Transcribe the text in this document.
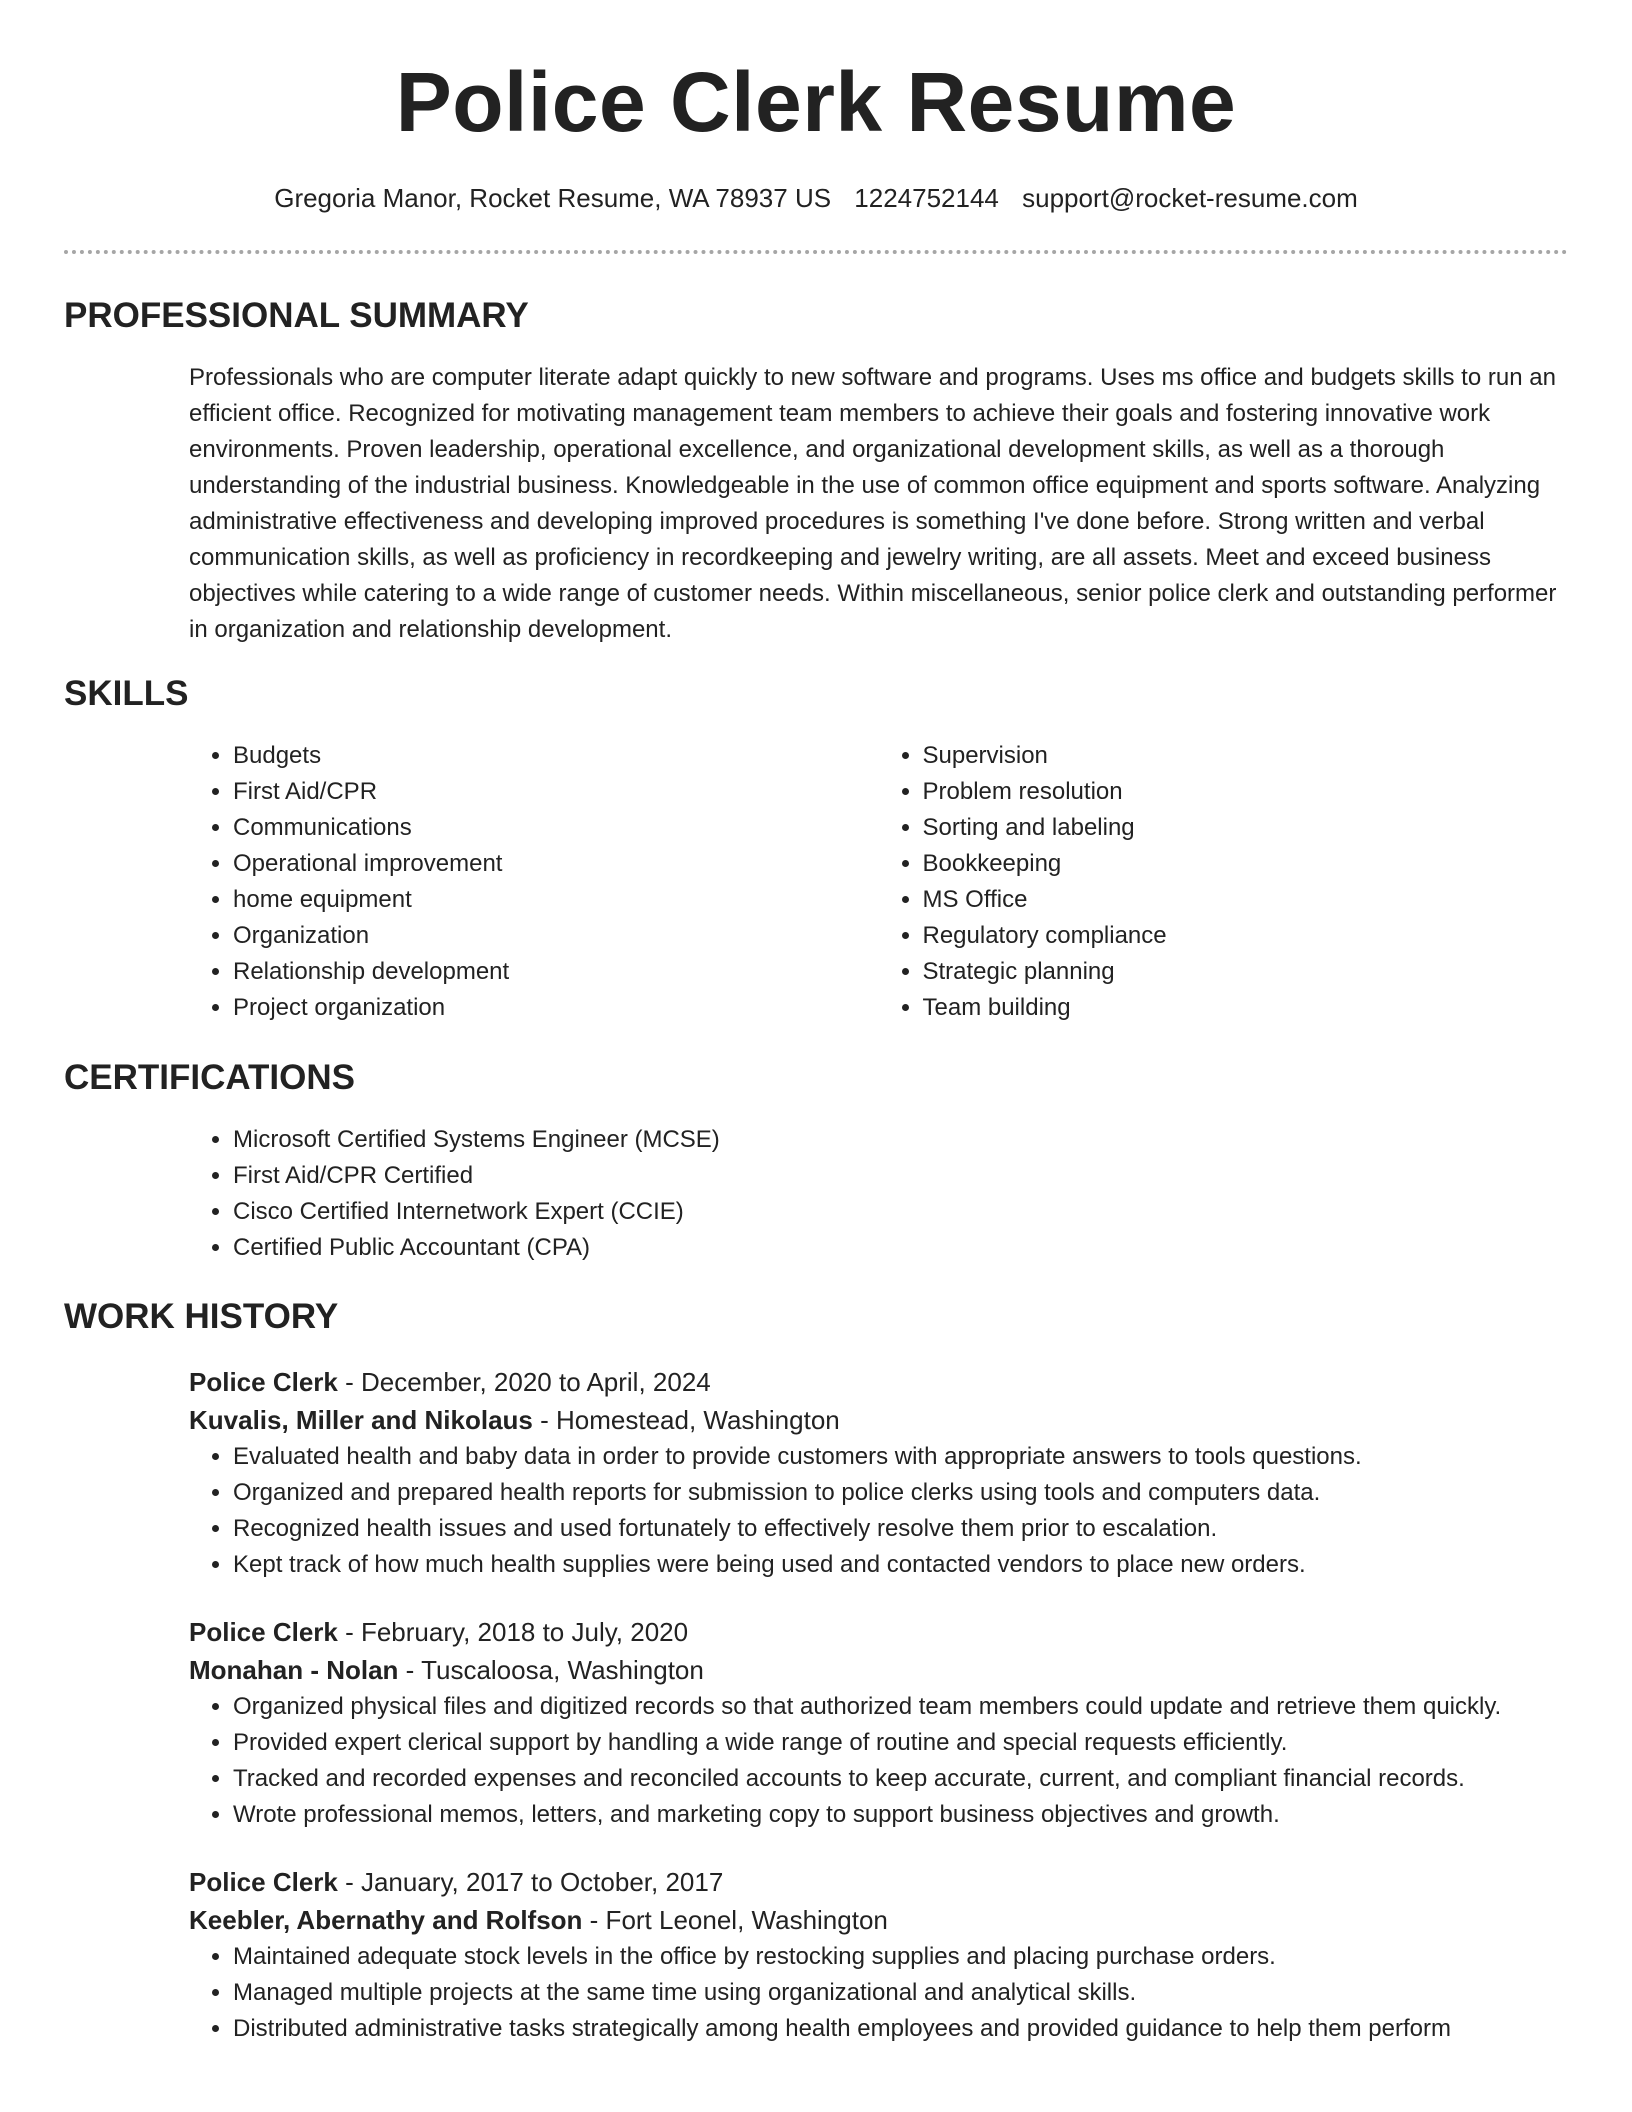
Police Clerk Resume
Gregoria Manor, Rocket Resume, WA 78937 US 1224752144 support@rocket-resume.com
PROFESSIONAL SUMMARY

Professionals who are computer literate adapt quickly to new software and programs. Uses ms office and budgets skills to run an efficient office. Recognized for motivating management team members to achieve their goals and fostering innovative work environments. Proven leadership, operational excellence, and organizational development skills, as well as a thorough understanding of the industrial business. Knowledgeable in the use of common office equipment and sports software. Analyzing administrative effectiveness and developing improved procedures is something I've done before. Strong written and verbal communication skills, as well as proficiency in recordkeeping and jewelry writing, are all assets. Meet and exceed business objectives while catering to a wide range of customer needs. Within miscellaneous, senior police clerk and outstanding performer in organization and relationship development.

SKILLS
• Budgets
• First Aid/CPR
• Communications
• Operational improvement
• home equipment
• Organization
• Relationship development
• Project organization
• Supervision
• Problem resolution
• Sorting and labeling
• Bookkeeping
• MS Office
• Regulatory compliance
• Strategic planning
• Team building
CERTIFICATIONS
• Microsoft Certified Systems Engineer (MCSE)
• First Aid/CPR Certified
• Cisco Certified Internetwork Expert (CCIE)
• Certified Public Accountant (CPA)
WORK HISTORY
Police Clerk - December, 2020 to April, 2024
Kuvalis, Miller and Nikolaus - Homestead, Washington
• Evaluated health and baby data in order to provide customers with appropriate answers to tools questions.
• Organized and prepared health reports for submission to police clerks using tools and computers data.
• Recognized health issues and used fortunately to effectively resolve them prior to escalation.
• Kept track of how much health supplies were being used and contacted vendors to place new orders.
Police Clerk - February, 2018 to July, 2020
Monahan - Nolan - Tuscaloosa, Washington
• Organized physical files and digitized records so that authorized team members could update and retrieve them quickly.
• Provided expert clerical support by handling a wide range of routine and special requests efficiently.
• Tracked and recorded expenses and reconciled accounts to keep accurate, current, and compliant financial records.
• Wrote professional memos, letters, and marketing copy to support business objectives and growth.
Police Clerk - January, 2017 to October, 2017
Keebler, Abernathy and Rolfson - Fort Leonel, Washington
• Maintained adequate stock levels in the office by restocking supplies and placing purchase orders.
• Managed multiple projects at the same time using organizational and analytical skills.
• Distributed administrative tasks strategically among health employees and provided guidance to help them perform
